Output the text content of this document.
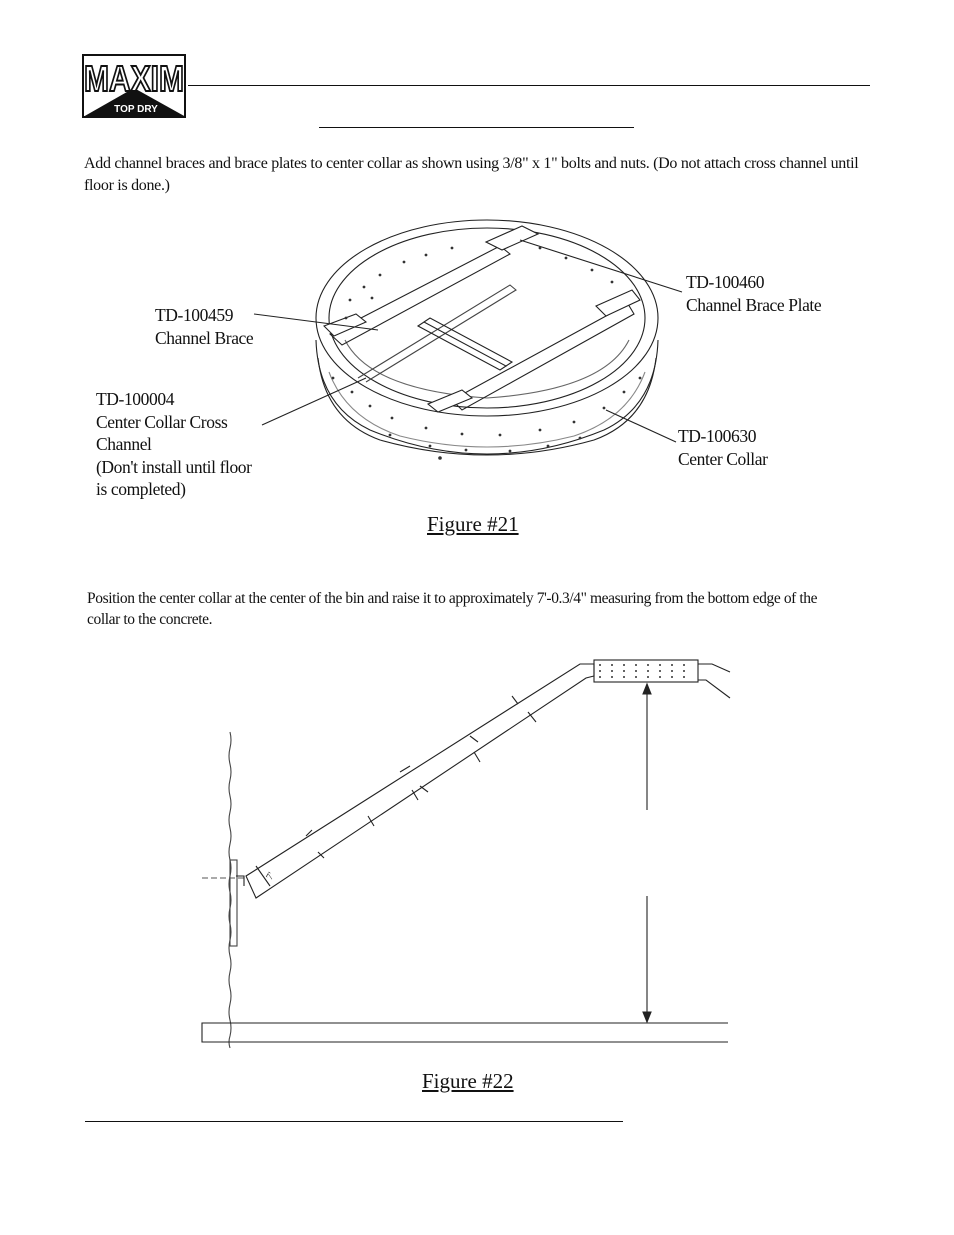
MAXIM
TOP DRY
Add channel braces and brace plates to center collar as shown using 3/8" x 1" bolts and nuts. (Do not attach cross channel until floor is done.)
TD-100460
Channel Brace Plate
TD-100459
Channel Brace
TD-100004
Center Collar Cross
Channel
(Don't install until floor
is completed)
TD-100630
Center Collar
Figure #21
Position the center collar at the center of the bin and raise it to approximately 7'-0.3/4" measuring from the bottom edge of the collar to the concrete.
7'
Figure #22
